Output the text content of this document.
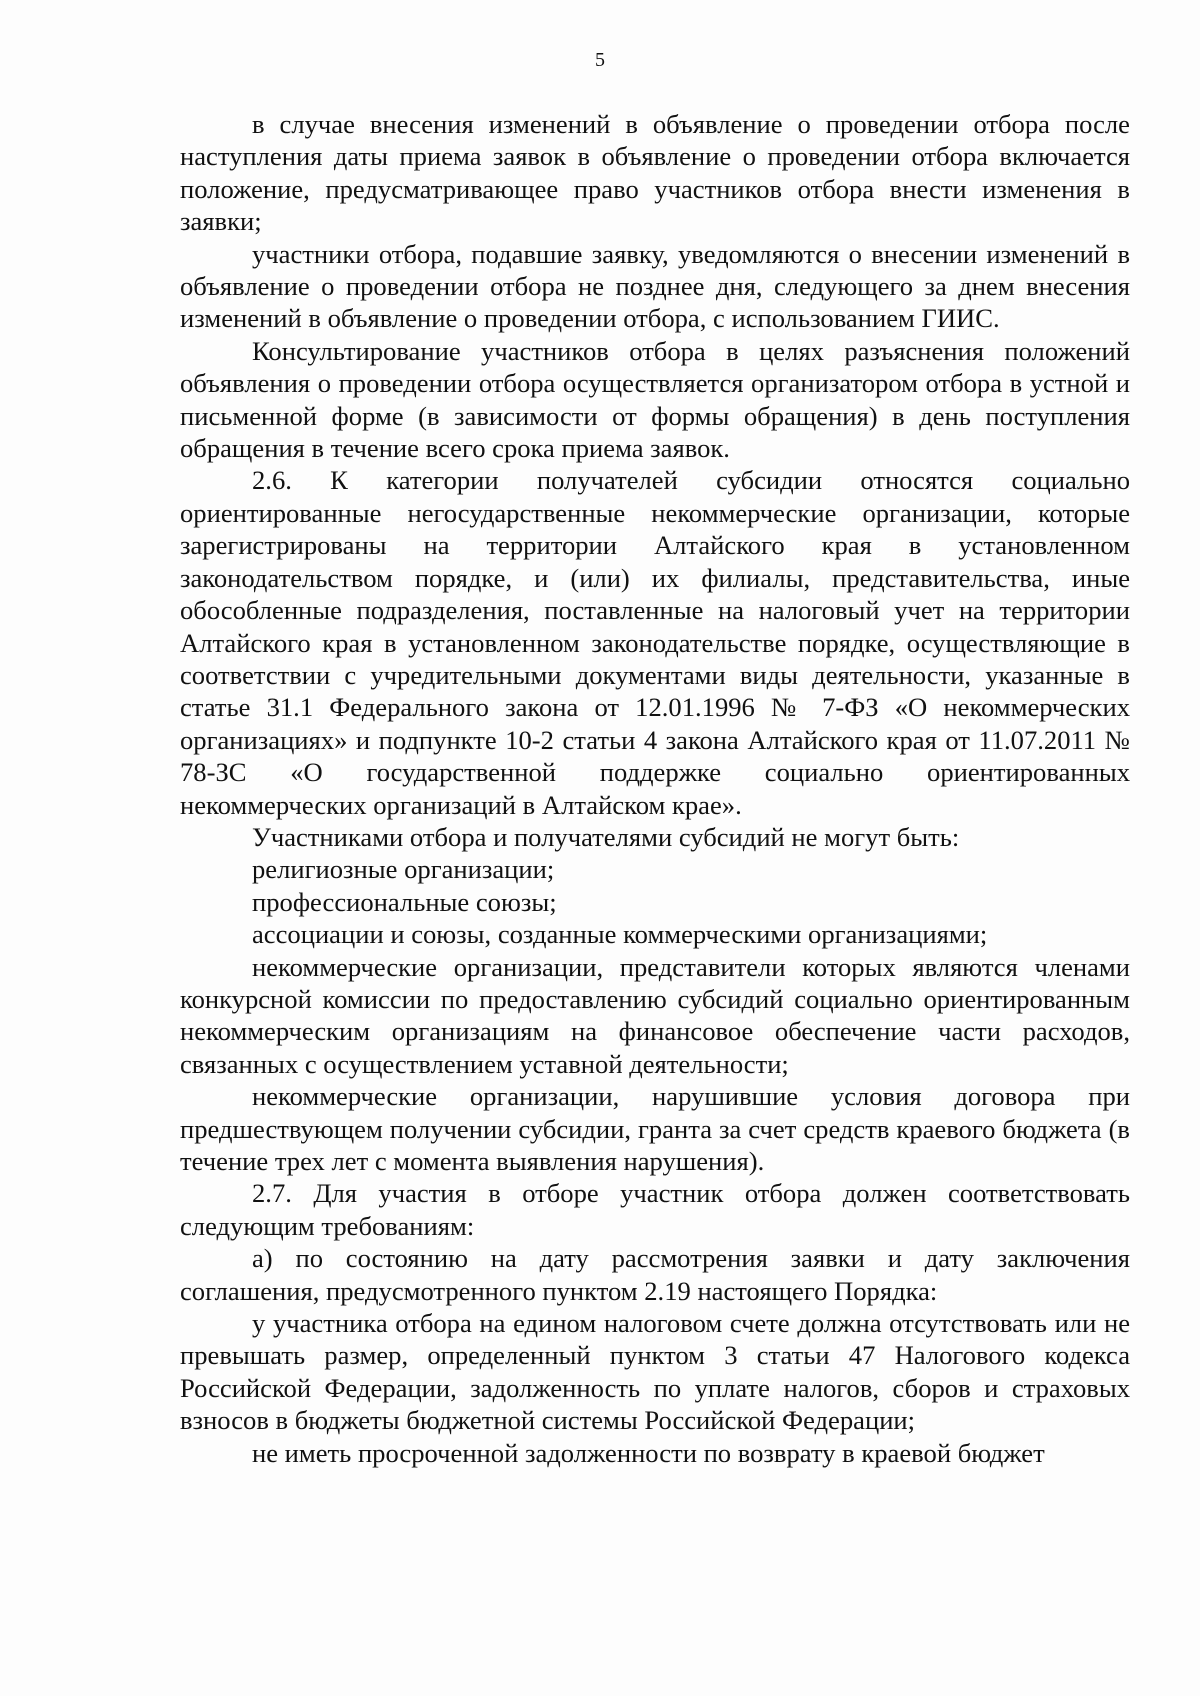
5

в случае внесения изменений в объявление о проведении отбора после наступления даты приема заявок в объявление о проведении отбора включается положение, предусматривающее право участников отбора внести изменения в заявки;

участники отбора, подавшие заявку, уведомляются о внесении изменений в объявление о проведении отбора не позднее дня, следующего за днем внесения изменений в объявление о проведении отбора, с использованием ГИИС.

Консультирование участников отбора в целях разъяснения положений объявления о проведении отбора осуществляется организатором отбора в устной и письменной форме (в зависимости от формы обращения) в день поступления обращения в течение всего срока приема заявок.

2.6. К категории получателей субсидии относятся социально ориентированные негосударственные некоммерческие организации, которые зарегистрированы на территории Алтайского края в установленном законодательством порядке, и (или) их филиалы, представительства, иные обособленные подразделения, поставленные на налоговый учет на территории Алтайского края в установленном законодательстве порядке, осуществляющие в соответствии с учредительными документами виды деятельности, указанные в статье 31.1 Федерального закона от 12.01.1996 № 7-ФЗ «О некоммерческих организациях» и подпункте 10-2 статьи 4 закона Алтайского края от 11.07.2011 № 78-ЗС «О государственной поддержке социально ориентированных некоммерческих организаций в Алтайском крае».

Участниками отбора и получателями субсидий не могут быть:

религиозные организации;

профессиональные союзы;

ассоциации и союзы, созданные коммерческими организациями;

некоммерческие организации, представители которых являются членами конкурсной комиссии по предоставлению субсидий социально ориентированным некоммерческим организациям на финансовое обеспечение части расходов, связанных с осуществлением уставной деятельности;

некоммерческие организации, нарушившие условия договора при предшествующем получении субсидии, гранта за счет средств краевого бюджета (в течение трех лет с момента выявления нарушения).

2.7. Для участия в отборе участник отбора должен соответствовать следующим требованиям:

а) по состоянию на дату рассмотрения заявки и дату заключения соглашения, предусмотренного пунктом 2.19 настоящего Порядка:

у участника отбора на едином налоговом счете должна отсутствовать или не превышать размер, определенный пунктом 3 статьи 47 Налогового кодекса Российской Федерации, задолженность по уплате налогов, сборов и страховых взносов в бюджеты бюджетной системы Российской Федерации;

не иметь просроченной задолженности по возврату в краевой бюджет
